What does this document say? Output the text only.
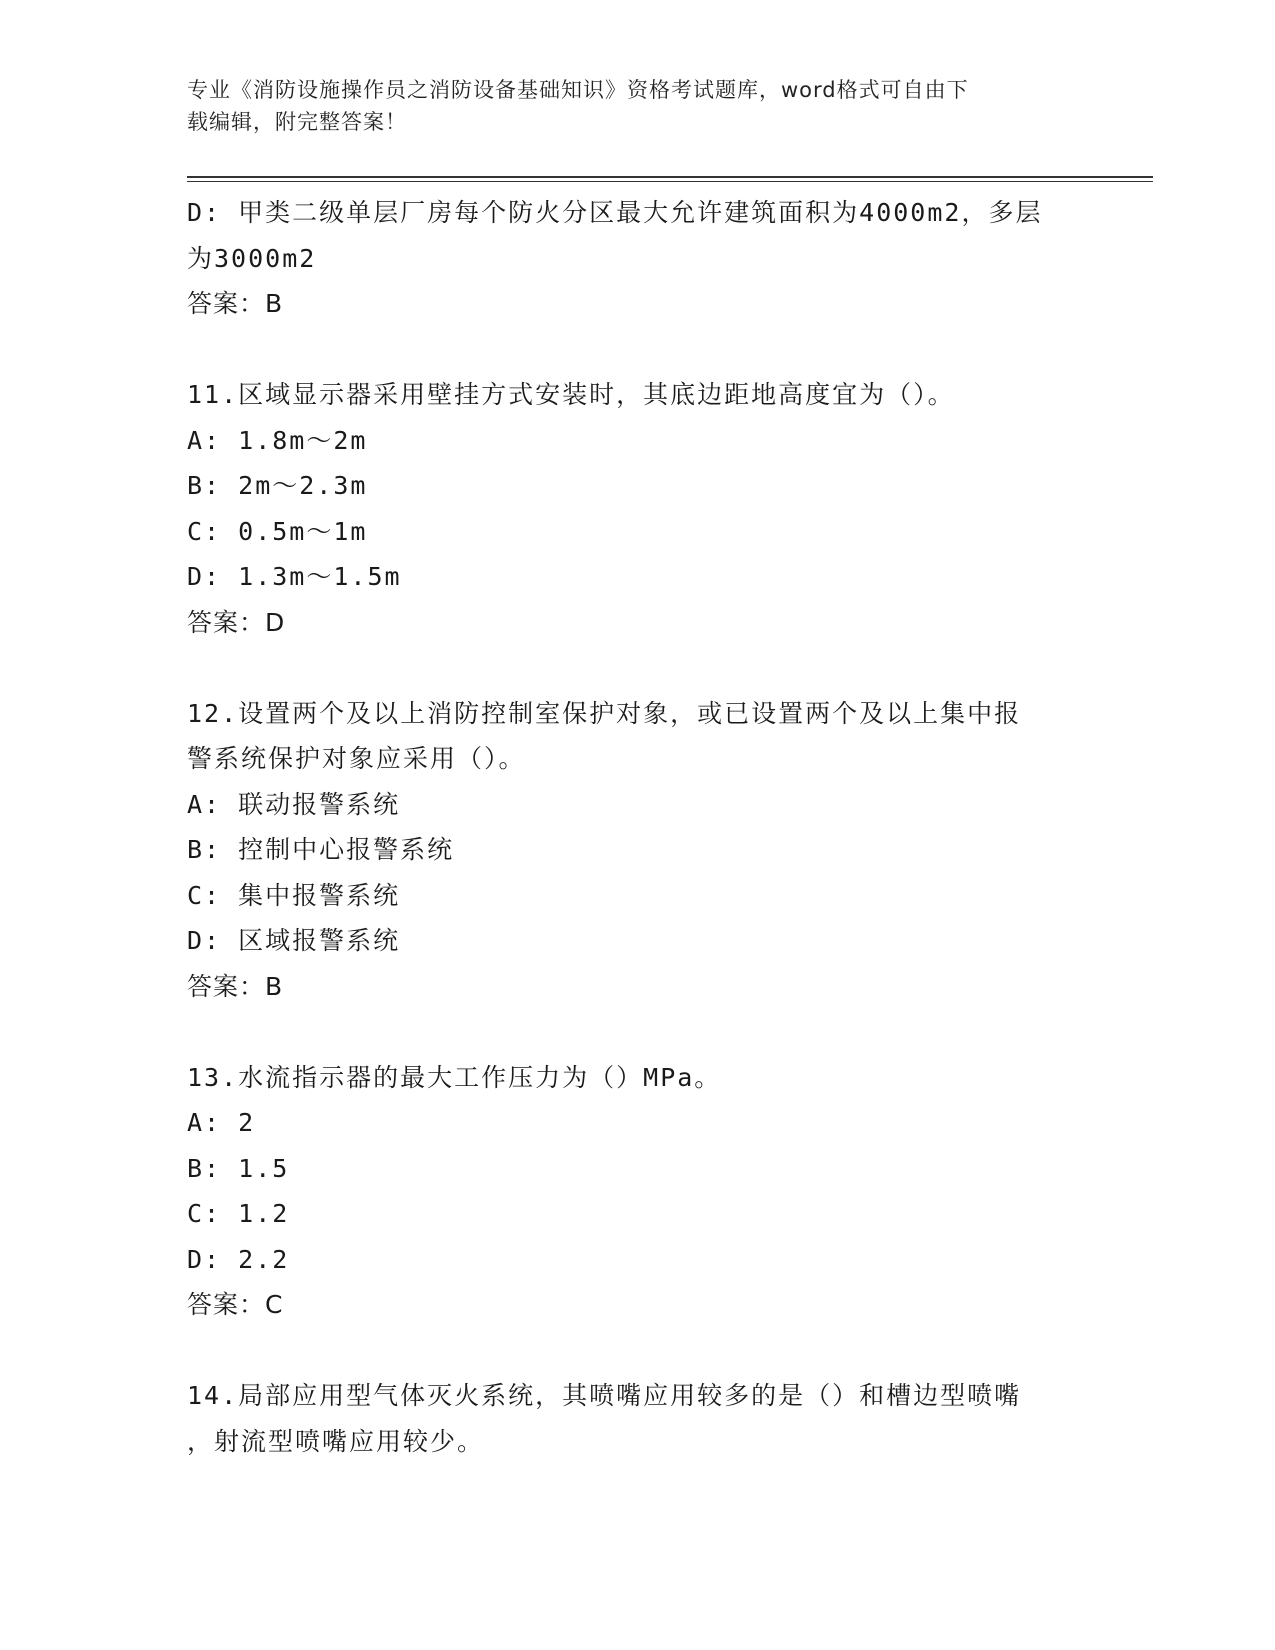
专业《消防设施操作员之消防设备基础知识》资格考试题库，word格式可自由下
载编辑，附完整答案！
D: 甲类二级单层厂房每个防火分区最大允许建筑面积为4000m2，多层
为3000m2
答案：B
11.区域显示器采用壁挂方式安装时，其底边距地高度宜为（）。
A: 1.8m～2m
B: 2m～2.3m
C: 0.5m～1m
D: 1.3m～1.5m
答案：D
12.设置两个及以上消防控制室保护对象，或已设置两个及以上集中报
警系统保护对象应采用（）。
A: 联动报警系统
B: 控制中心报警系统
C: 集中报警系统
D: 区域报警系统
答案：B
13.水流指示器的最大工作压力为（）MPa。
A: 2
B: 1.5
C: 1.2
D: 2.2
答案：C
14.局部应用型气体灭火系统，其喷嘴应用较多的是（）和槽边型喷嘴
，射流型喷嘴应用较少。
